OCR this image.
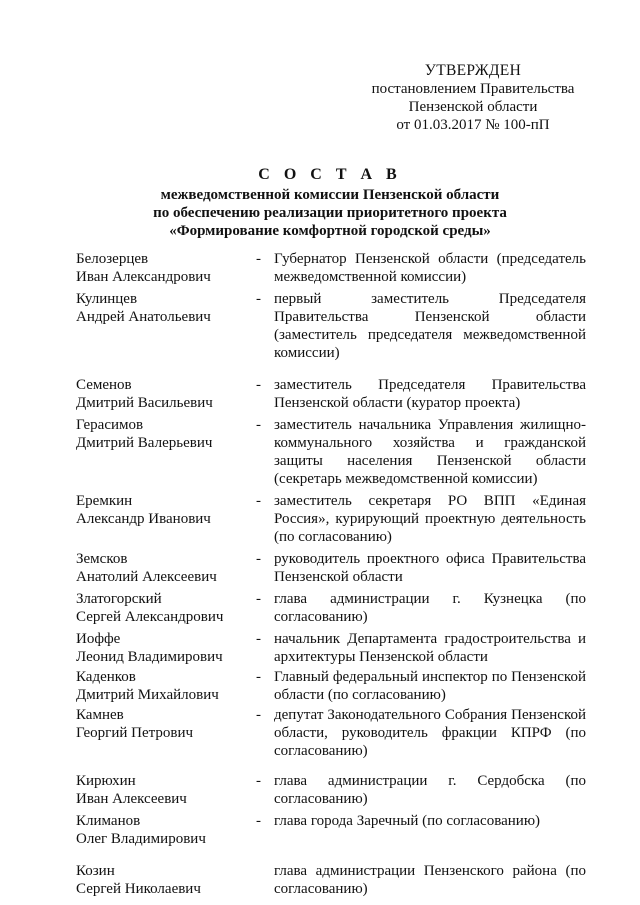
УТВЕРЖДЕН
постановлением Правительства
Пензенской области
от 01.03.2017 № 100-пП
С О С Т А В
межведомственной комиссии Пензенской области
по обеспечению реализации приоритетного проекта
«Формирование комфортной городской среды»
Белозерцев
Иван Александрович
- Губернатор Пензенской области (председатель межведомственной комиссии)
Кулинцев
Андрей Анатольевич
- первый заместитель Председателя Правительства Пензенской области (заместитель председателя межведомственной комиссии)
Семенов
Дмитрий Васильевич
- заместитель Председателя Правительства Пензенской области (куратор проекта)
Герасимов
Дмитрий Валерьевич
- заместитель начальника Управления жилищно-коммунального хозяйства и гражданской защиты населения Пензенской области (секретарь межведомственной комиссии)
Еремкин
Александр Иванович
- заместитель секретаря РО ВПП «Единая Россия», курирующий проектную деятельность (по согласованию)
Земсков
Анатолий Алексеевич
- руководитель проектного офиса Правительства Пензенской области
Златогорский
Сергей Александрович
- глава администрации г. Кузнецка (по согласованию)
Иоффе
Леонид Владимирович
- начальник Департамента градостроительства и архитектуры Пензенской области
Каденков
Дмитрий Михайлович
- Главный федеральный инспектор по Пензенской области (по согласованию)
Камнев
Георгий Петрович
- депутат Законодательного Собрания Пензенской области, руководитель фракции КПРФ (по согласованию)
Кирюхин
Иван Алексеевич
- глава администрации г. Сердобска (по согласованию)
Климанов
Олег Владимирович
- глава города Заречный (по согласованию)
Козин
Сергей Николаевич
глава администрации Пензенского района (по согласованию)
